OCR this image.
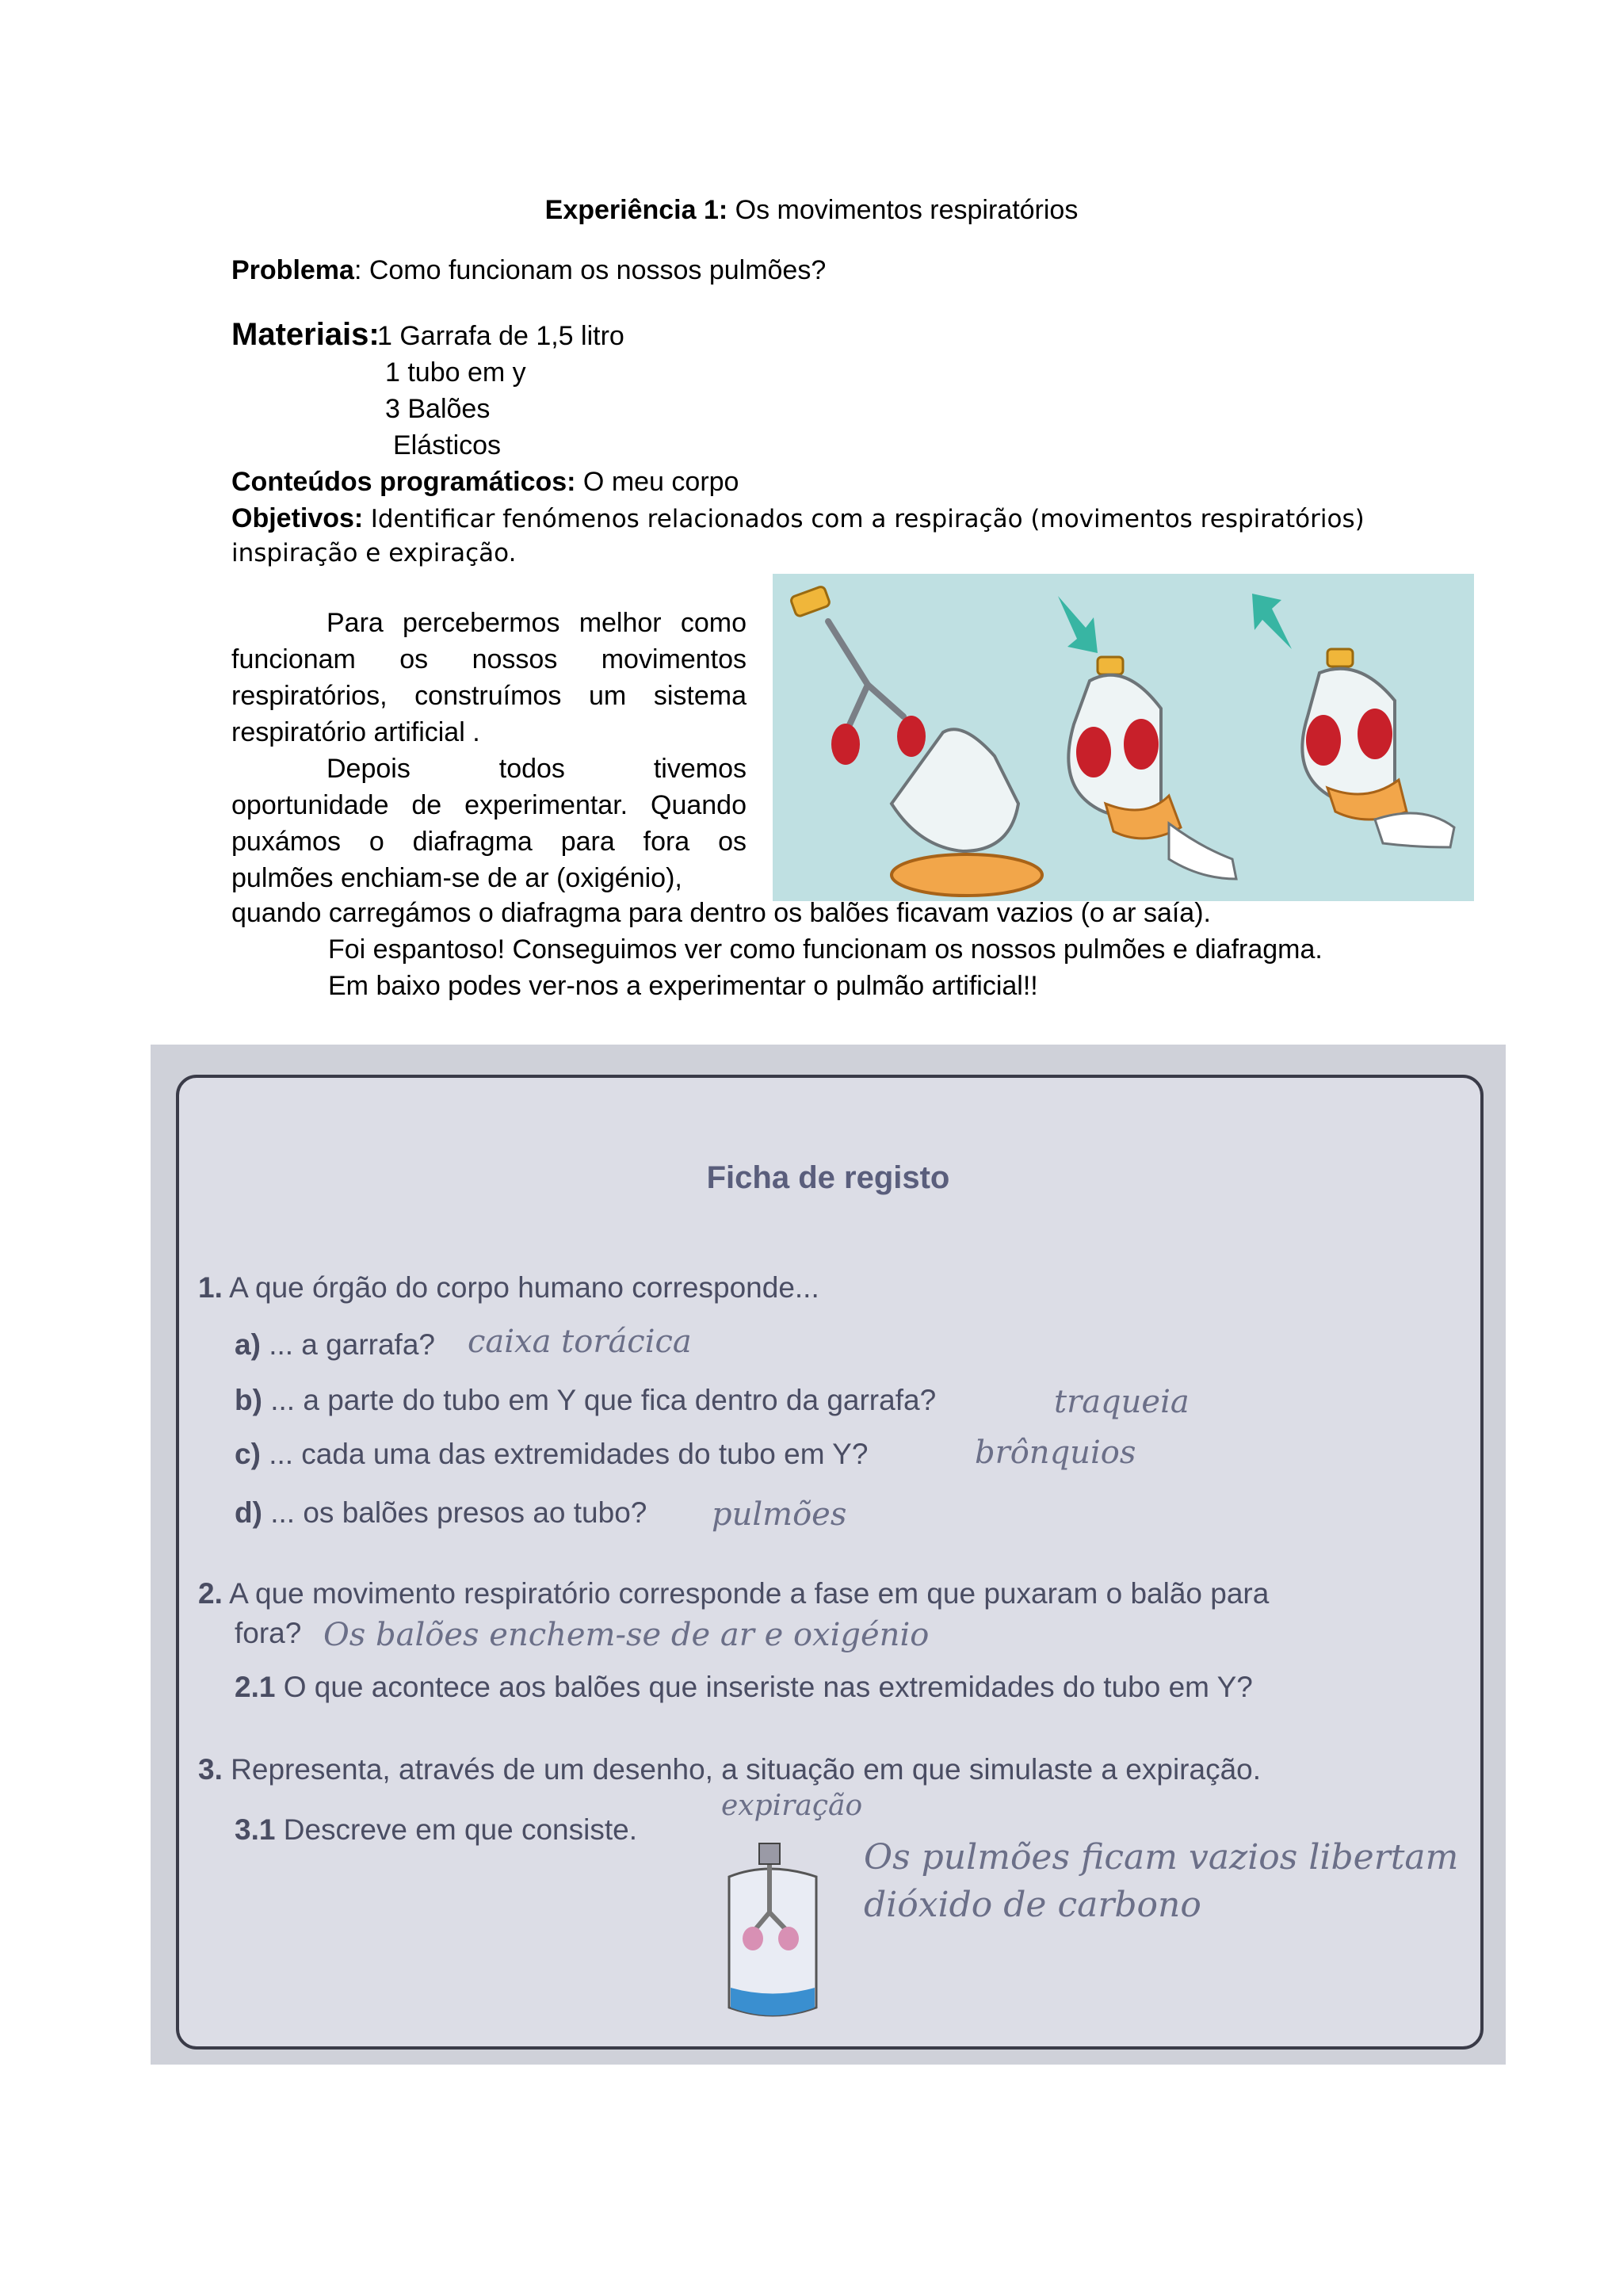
Experiência 1: Os movimentos respiratórios
Problema: Como funcionam os nossos pulmões?
Materiais:
1 Garrafa de 1,5 litro
1 tubo em y
3 Balões
Elásticos
Conteúdos programáticos: O meu corpo
Objetivos: Identificar fenómenos relacionados com a respiração (movimentos respiratórios)
inspiração e expiração.

Para percebermos melhor como funcionam os nossos movimentos respiratórios, construímos um sistema respiratório artificial .

Depois todos tivemos oportunidade de experimentar. Quando puxámos o diafragma para fora os pulmões enchiam-se de ar (oxigénio),

quando carregámos o diafragma para dentro os balões ficavam vazios (o ar saía).
Foi espantoso! Conseguimos ver como funcionam os nossos pulmões e diafragma.
Em baixo podes ver-nos a experimentar o pulmão artificial!!
Ficha de registo
1. A que órgão do corpo humano corresponde...
a) ... a garrafa? caixa torácica
b) ... a parte do tubo em Y que fica dentro da garrafa?	traqueia
c) ... cada uma das extremidades do tubo em Y?	brônquios
d) ... os balões presos ao tubo? pulmões
2. A que movimento respiratório corresponde a fase em que puxaram o balão para
fora? Os balões enchem-se de ar e oxigénio
2.1 O que acontece aos balões que inseriste nas extremidades do tubo em Y?
3. Representa, através de um desenho, a situação em que simulaste a expiração.
3.1 Descreve em que consiste.
expiração
Os pulmões ficam vazios libertam
dióxido de carbono
